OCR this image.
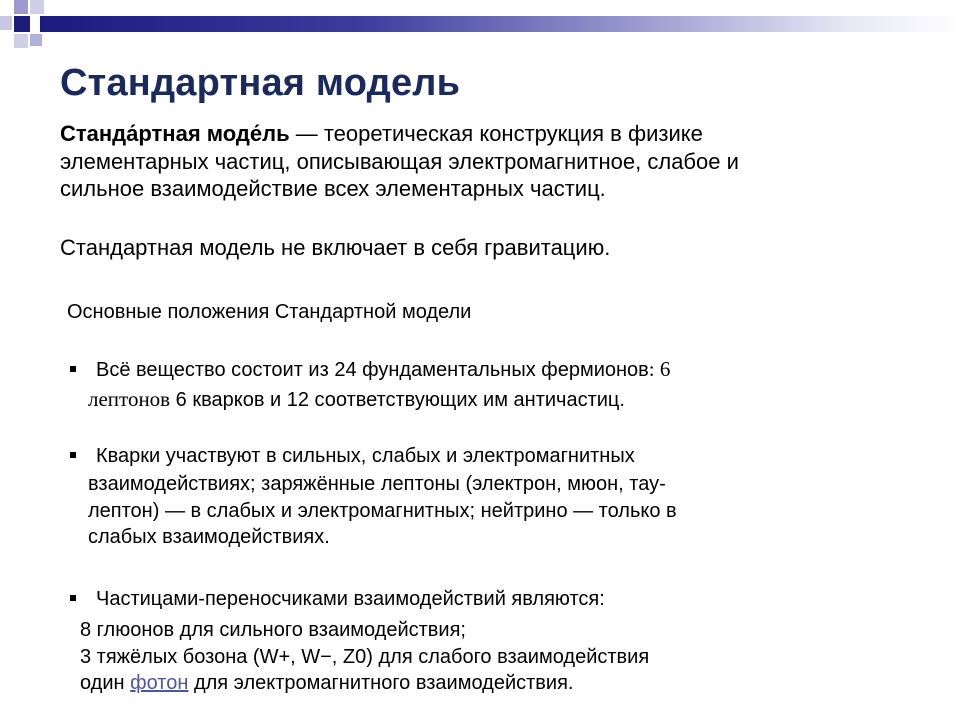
Стандартная модель
Станда́ртная моде́ль — теоретическая конструкция в физике
элементарных частиц, описывающая электромагнитное, слабое и
сильное взаимодействие всех элементарных частиц.
Стандартная модель не включает в себя гравитацию.
Основные положения Стандартной модели
Всё вещество состоит из 24 фундаментальных фермионов: 6
лептонов 6 кварков и 12 соответствующих им античастиц.
Кварки участвуют в сильных, слабых и электромагнитных
взаимодействиях; заряжённые лептоны (электрон, мюон, тау-
лептон) — в слабых и электромагнитных; нейтрино — только в
слабых взаимодействиях.
Частицами-переносчиками взаимодействий являются:
8 глюонов для сильного взаимодействия;
3 тяжёлых бозона (W+, W−, Z0) для слабого взаимодействия
один фотон для электромагнитного взаимодействия.
